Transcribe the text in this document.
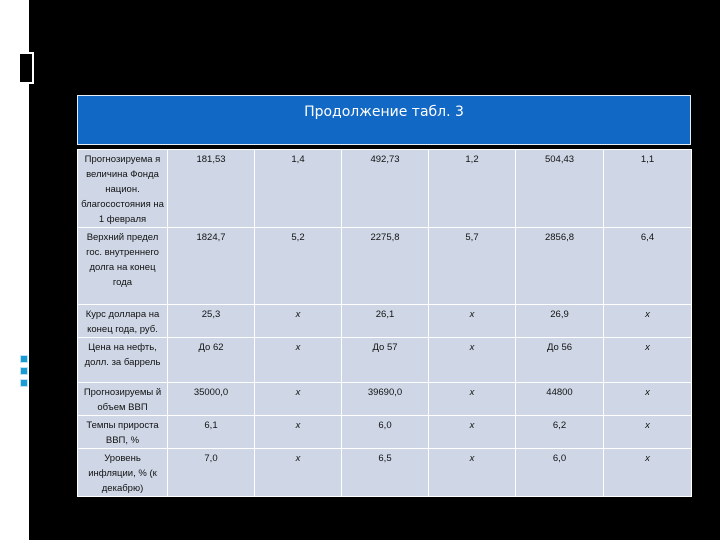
Продолжение табл. 3
Прогнозируема я величина Фонда национ. благосостояния на 1 февраля	181,53	1,4	492,73	1,2	504,43	1,1
Верхний предел гос. внутреннего долга на конец года	1824,7	5,2	2275,8	5,7	2856,8	6,4
Курс доллара на конец года, руб.	25,3	x	26,1	x	26,9	x
Цена на нефть, долл. за баррель	До 62	x	До 57	x	До 56	x
Прогнозируемы й объем ВВП	35000,0	x	39690,0	x	44800	x
Темпы прироста ВВП, %	6,1	x	6,0	x	6,2	x
Уровень инфляции, % (к декабрю)	7,0	x	6,5	x	6,0	x
